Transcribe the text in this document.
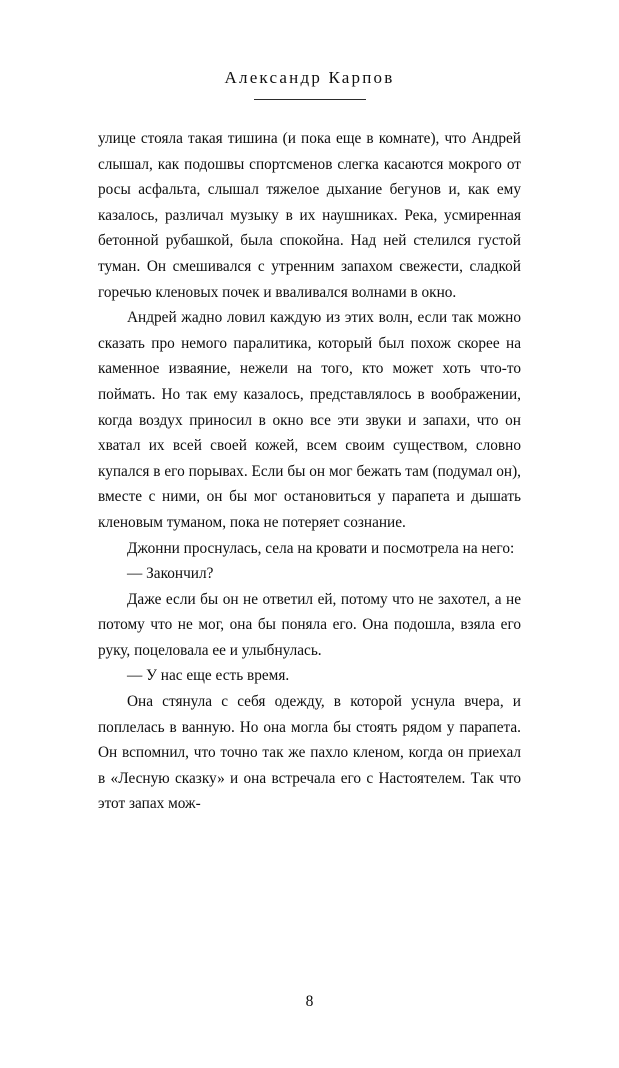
Александр Карпов

улице стояла такая тишина (и пока еще в комнате), что Андрей слышал, как подошвы спортсменов слегка касаются мокрого от росы асфальта, слышал тяжелое дыхание бегунов и, как ему казалось, различал музыку в их наушниках. Река, усмиренная бетонной рубашкой, была спокойна. Над ней стелился густой туман. Он смешивался с утренним запахом свежести, сладкой горечью кленовых почек и вваливался волнами в окно.

Андрей жадно ловил каждую из этих волн, если так можно сказать про немого паралитика, который был похож скорее на каменное изваяние, нежели на того, кто может хоть что-то поймать. Но так ему казалось, представлялось в воображении, когда воздух приносил в окно все эти звуки и запахи, что он хватал их всей своей кожей, всем своим существом, словно купался в его порывах. Если бы он мог бежать там (подумал он), вместе с ними, он бы мог остановиться у парапета и дышать кленовым туманом, пока не потеряет сознание.

Джонни проснулась, села на кровати и посмотрела на него:

— Закончил?

Даже если бы он не ответил ей, потому что не захотел, а не потому что не мог, она бы поняла его. Она подошла, взяла его руку, поцеловала ее и улыбнулась.

— У нас еще есть время.

Она стянула с себя одежду, в которой уснула вчера, и поплелась в ванную. Но она могла бы стоять рядом у парапета. Он вспомнил, что точно так же пахло кленом, когда он приехал в «Лесную сказку» и она встречала его с Настоятелем. Так что этот запах мож-

8
